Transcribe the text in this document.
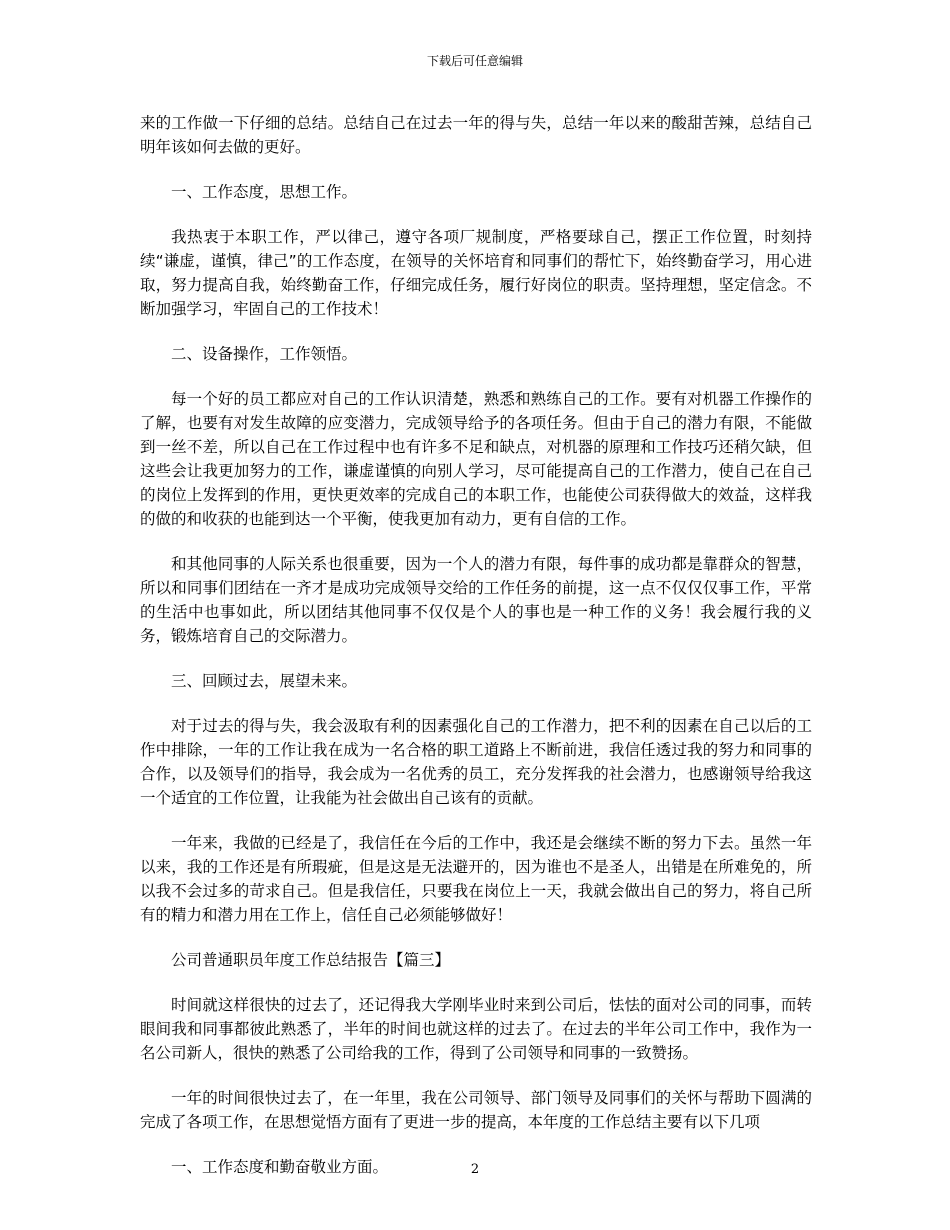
下载后可任意编辑

来的工作做一下仔细的总结。总结自己在过去一年的得与失，总结一年以来的酸甜苦辣，总结自己明年该如何去做的更好。

一、工作态度，思想工作。

我热衷于本职工作，严以律己，遵守各项厂规制度，严格要球自己，摆正工作位置，时刻持续“谦虚，谨慎，律己”的工作态度，在领导的关怀培育和同事们的帮忙下，始终勤奋学习，用心进取，努力提高自我，始终勤奋工作，仔细完成任务，履行好岗位的职责。坚持理想，坚定信念。不断加强学习，牢固自己的工作技术！

二、设备操作，工作领悟。

每一个好的员工都应对自己的工作认识清楚，熟悉和熟练自己的工作。要有对机器工作操作的了解，也要有对发生故障的应变潜力，完成领导给予的各项任务。但由于自己的潜力有限，不能做到一丝不差，所以自己在工作过程中也有许多不足和缺点，对机器的原理和工作技巧还稍欠缺，但这些会让我更加努力的工作，谦虚谨慎的向别人学习，尽可能提高自己的工作潜力，使自己在自己的岗位上发挥到的作用，更快更效率的完成自己的本职工作，也能使公司获得做大的效益，这样我的做的和收获的也能到达一个平衡，使我更加有动力，更有自信的工作。

和其他同事的人际关系也很重要，因为一个人的潜力有限，每件事的成功都是靠群众的智慧，所以和同事们团结在一齐才是成功完成领导交给的工作任务的前提，这一点不仅仅仅事工作，平常的生活中也事如此，所以团结其他同事不仅仅是个人的事也是一种工作的义务！我会履行我的义务，锻炼培育自己的交际潜力。

三、回顾过去，展望未来。

对于过去的得与失，我会汲取有利的因素强化自己的工作潜力，把不利的因素在自己以后的工作中排除，一年的工作让我在成为一名合格的职工道路上不断前进，我信任透过我的努力和同事的合作，以及领导们的指导，我会成为一名优秀的员工，充分发挥我的社会潜力，也感谢领导给我这一个适宜的工作位置，让我能为社会做出自己该有的贡献。

一年来，我做的已经是了，我信任在今后的工作中，我还是会继续不断的努力下去。虽然一年以来，我的工作还是有所瑕疵，但是这是无法避开的，因为谁也不是圣人，出错是在所难免的，所以我不会过多的苛求自己。但是我信任，只要我在岗位上一天，我就会做出自己的努力，将自己所有的精力和潜力用在工作上，信任自己必须能够做好！

公司普通职员年度工作总结报告【篇三】

时间就这样很快的过去了，还记得我大学刚毕业时来到公司后，怯怯的面对公司的同事，而转眼间我和同事都彼此熟悉了，半年的时间也就这样的过去了。在过去的半年公司工作中，我作为一名公司新人，很快的熟悉了公司给我的工作，得到了公司领导和同事的一致赞扬。

一年的时间很快过去了，在一年里，我在公司领导、部门领导及同事们的关怀与帮助下圆满的完成了各项工作，在思想觉悟方面有了更进一步的提高，本年度的工作总结主要有以下几项

一、工作态度和勤奋敬业方面。	2
